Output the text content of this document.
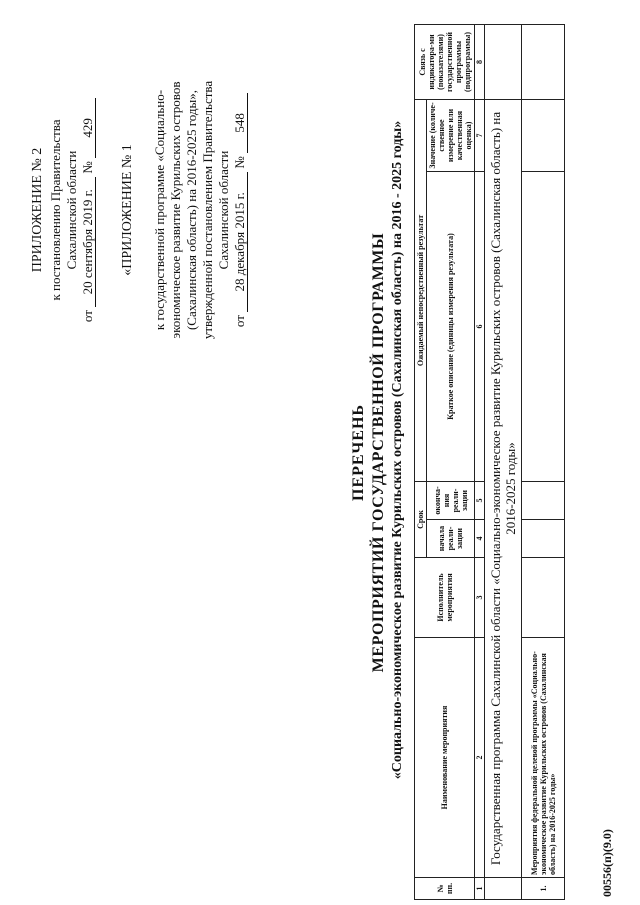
ПРИЛОЖЕНИЕ № 2 к постановлению Правительства Сахалинской области
от 20 сентября 2019 г. № 429
«ПРИЛОЖЕНИЕ № 1 к государственной программе «Социально- экономическое развитие Курильских островов (Сахалинская область) на 2016-2025 годы», утвержденной постановлением Правительства Сахалинской области
от 28 декабря 2015 г. № 548
ПЕРЕЧЕНЬ МЕРОПРИЯТИЙ ГОСУДАРСТВЕННОЙ ПРОГРАММЫ «Социально-экономическое развитие Курильских островов (Сахалинская область) на 2016 - 2025 годы»
№ пп.	Наименование мероприятия	Исполнитель мероприятия	Срок		Ожидаемый непосредственный результат		Связь с индикатора-ми (показателями) государственной программы (подпрограммы)
			начала реали-зации	оконча-ния реали-зации	Краткое описание (единицы измерения результата)	Значение (количе-ственное измерение или качественная оценка)	
1	2	3	4	5	6	7	8
	Государственная программа Сахалинской области «Социально-экономическое развитие Курильских островов (Сахалинская область) на 2016-2025 годы»						
1.	Мероприятия федеральной целевой программы «Социально-экономическое развитие Курильских островов (Сахалинская область) на 2016-2025 годы»							00556(п)(9.0)
